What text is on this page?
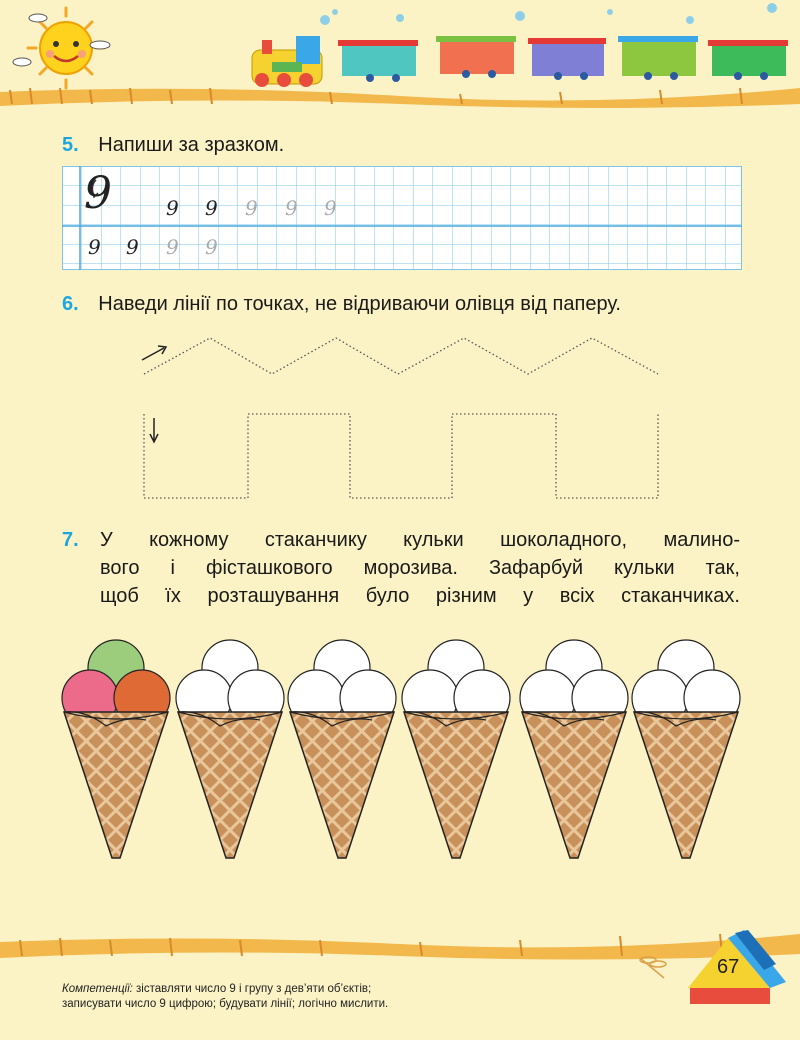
5. Напиши за зразком.
9	9 9 9 9 9
9 9 9 9
6. Наведи лінії по точках, не відриваючи олівця від паперу.
7. У кожному стаканчику кульки шоколадного, малино-
вого і фісташкового морозива. Зафарбуй кульки так,
щоб їх розташування було різним у всіх стаканчиках.
67
Компетенції: зіставляти число 9 і групу з дев’яти об’єктів;
записувати число 9 цифрою; будувати лінії; логічно мислити.
